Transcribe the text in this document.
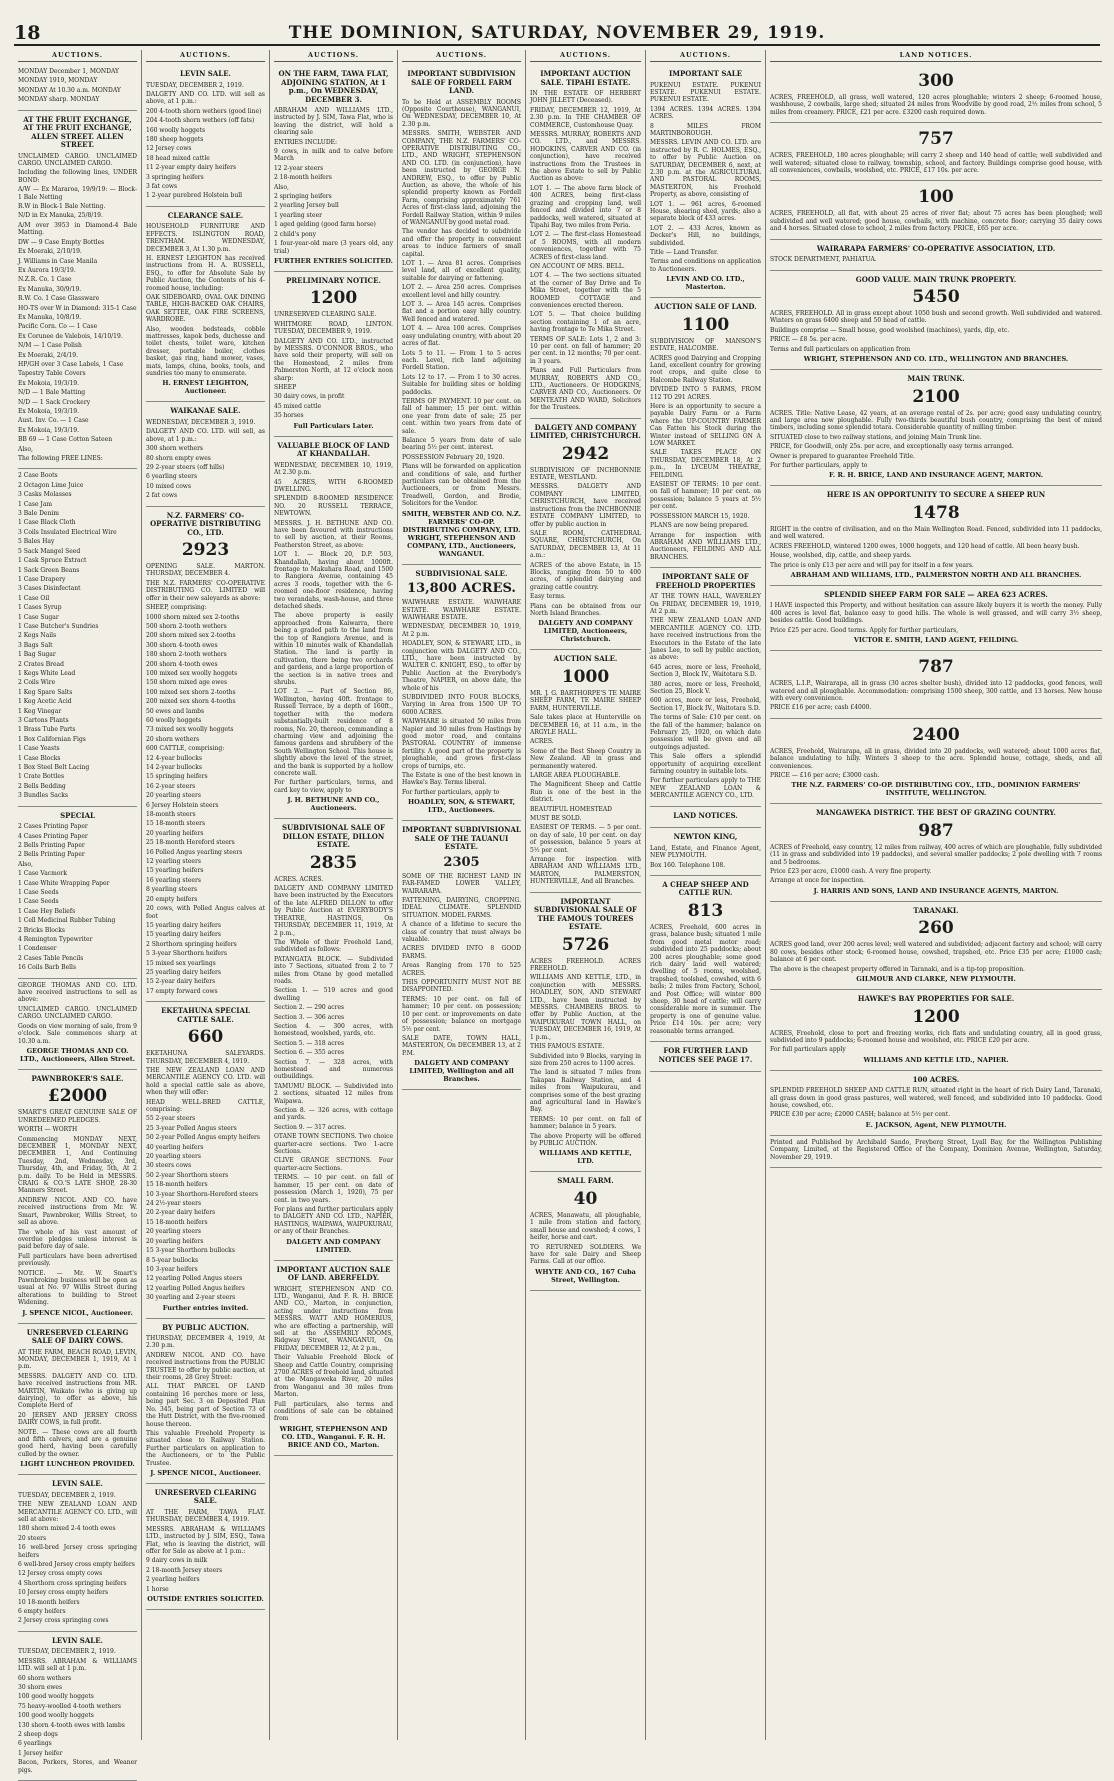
18	THE DOMINION, SATURDAY, NOVEMBER 29, 1919.
AUCTIONS.
MONDAY December 1, MONDAY
MONDAY 1919, MONDAY
MONDAY At 10.30 a.m. MONDAY
MONDAY sharp. MONDAY
AT THE FRUIT EXCHANGE, AT THE FRUIT EXCHANGE, ALLEN STREET. ALLEN STREET.
UNCLAIMED CARGO. UNCLAIMED CARGO. UNCLAIMED CARGO.
Including the following lines, UNDER BOND:
A/W — Ex Mararoa, 19/9/19: — Block-1 Bale Netting
R.W in Block-1 Bale Netting.
N/D in Ex Manuka, 25/8/19.
A/M over 3953 in Diamond-4 Bale Matting.
DW — 9 Case Empty Bottles
Ex Moeraki, 2/10/19.
J. Williams in Case Manila
Ex Aurora 19/3/19.
N.Z.R. Co. 1 Case
Ex Manuka, 30/9/19.
R.W. Co. 1 Case Glassware
HO-TS over W in Diamond: 315-1 Case
Ex Manuka, 10/8/19.
Pacific Corn. Co — 1 Case
Ex Corunee de Valebois, 14/10/19.
N/M — 1 Case Polish
Ex Moeraki, 2/4/19.
HP/GH over 3 Case Labels, 1 Case
Tapestry Table Covers
Ex Mokoia, 19/3/19.
N/D — 1 Bale Matting
N/D — 1 Sack Crockery
Ex Mokoia, 19/3/19.
Aust. Inv. Co. — 1 Case
Ex Mokoia, 19/3/19.
BB 69 — 1 Case Cotton Sateen
Also,
The following FREE LINES:
2 Case Boots
2 Octagon Lime Juice
3 Casks Molasses
1 Case Jam
3 Bale Denim
1 Case Black Cloth
3 Coils Insulated Electrical Wire
5 Bales Hay
5 Sack Mangel Seed
1 Cask Spruce Extract
1 Sack Green Beans
1 Case Drapery
3 Cases Disinfectant
1 Case Oil
1 Cases Syrup
1 Case Sugar
1 Case Butcher's Sundries
2 Kegs Nails
3 Bags Salt
1 Bag Sugar
2 Crates Bread
1 Kegs White Lead
2 Coils Wire
1 Keg Spare Salts
1 Keg Acetic Acid
1 Keg Vinegar
3 Cartons Plants
1 Brass Tube Parts
1 Box Californian Figs
1 Case Yeasts
1 Case Blocks
1 Box Steel Belt Lacing
1 Crate Bottles
2 Bells Bedding
3 Bundles Sacks
SPECIAL
2 Cases Printing Paper
4 Cases Printing Paper
2 Bells Printing Paper
2 Bells Printing Paper
Also,
1 Case Vacmork
1 Case White Wrapping Paper
1 Case Seeds
1 Case Seeds
1 Case Hey Beliefs
1 Cell Medicinal Rubber Tubing
2 Bricks Blocks
4 Remington Typewriter
1 Condenser
2 Cases Table Pencils
16 Coils Barb Bells
GEORGE THOMAS AND CO. LTD. have received instructions to sell as above:
UNCLAIMED CARGO. UNCLAIMED CARGO. UNCLAIMED CARGO.
Goods on view morning of sale, from 9 o'clock. Sale commences sharp at 10.30 a.m.
GEORGE THOMAS AND CO. LTD., Auctioneers, Allen Street.
PAWNBROKER'S SALE.
£2000
SMART'S GREAT GENUINE SALE OF UNREDEEMED PLEDGES.
WORTH — WORTH
Commencing MONDAY NEXT, DECEMBER 1, MONDAY NEXT, DECEMBER 1, And Continuing Tuesday, 2nd, Wednesday, 3rd, Thursday, 4th, and Friday, 5th, At 2 p.m. daily. To be Held in MESSRS. CRAIG & CO.'S LATE SHOP, 28-30 Manners Street.
ANDREW NICOL AND CO. have received instructions from Mr. W. Smart, Pawnbroker, Willis Street, to sell as above.
The whole of his vast amount of overdue pledges unless interest is paid before day of sale.
Full particulars have been advertised previously.
NOTICE. — Mr. W. Smart's Pawnbroking business will be open as usual at No. 97 Willis Street during alterations to building to Street Widening.
J. SPENCE NICOL, Auctioneer.
UNRESERVED CLEARING SALE OF DAIRY COWS.
AT THE FARM, BEACH ROAD, LEVIN, MONDAY, DECEMBER 1, 1919, At 1 p.m.
MESSRS. DALGETY AND CO. LTD. have received instructions from MR. MARTIN, Waikato (who is giving up dairying), to offer as above, his Complete Herd of
20 JERSEY AND JERSEY CROSS DAIRY COWS, in full profit.
NOTE. — These cows are all fourth and fifth calvers, and are a genuine good herd, having been carefully culled by the owner.
LIGHT LUNCHEON PROVIDED.
LEVIN SALE.
TUESDAY, DECEMBER 2, 1919.
THE NEW ZEALAND LOAN AND MERCANTILE AGENCY CO. LTD., will sell at above:
180 shorn mixed 2-4 tooth ewes
20 steers
16 well-bred Jersey cross springing heifers
6 well-bred Jersey cross empty heifers
12 Jersey cross empty cows
4 Shorthorn cross springing heifers
10 Jersey cross empty heifers
10 18-month heifers
6 empty heifers
2 Jersey cross springing cows
LEVIN SALE.
TUESDAY, DECEMBER 2, 1919.
MESSRS. ABRAHAM & WILLIAMS LTD. will sell at 1 p.m.
60 shorn wethers
30 shorn ewes
100 good woolly hoggets
75 heavy-woolled 4-tooth wethers
100 good woolly hoggets
130 shorn 4-tooth ewes with lambs
2 sheep dogs
6 yearlings
1 Jersey heifer
Bacon, Porkers, Stores, and Weaner pigs.
AUCTIONS.
LEVIN SALE.
TUESDAY, DECEMBER 2, 1919.
DALGETY AND CO. LTD. will sell as above, at 1 p.m.:
200 4-tooth shorn wethers (good line)
204 4-tooth shorn wethers (off fats)
160 woolly hoggets
180 sheep hoggets
12 Jersey cows
18 head mixed cattle
11 2-year empty dairy heifers
3 springing heifers
3 fat cows
1 2-year purebred Holstein bull
CLEARANCE SALE.
HOUSEHOLD FURNITURE AND EFFECTS. ISLINGTON ROAD, TRENTHAM. WEDNESDAY, DECEMBER 3, At 1.30 p.m.
H. ERNEST LEIGHTON has received instructions from H. A. RUSSELL, ESQ., to offer for Absolute Sale by Public Auction, the Contents of his 4-roomed house, including:
OAK SIDEBOARD, OVAL OAK DINING TABLE, HIGH-BACKED OAK CHAIRS, OAK SETTEE, OAK FIRE SCREENS, WARDROBE.
Also, wooden bedsteads, cobble mattresses, kapok beds, duchesse and toilet chests, toilet ware, kitchen dresser, portable boiler, clothes basket, gas ring, hand mower, vases, mats, lamps, china, books, tools, and sundries too many to enumerate.
H. ERNEST LEIGHTON, Auctioneer.
WAIKANAE SALE.
WEDNESDAY, DECEMBER 3, 1919.
DALGETY AND CO. LTD. will sell, as above, at 1 p.m.:
300 shorn wethers
80 shorn empty ewes
29 2-year steers (off hills)
6 yearling steers
10 mixed cows
2 fat cows
N.Z. FARMERS' CO-OPERATIVE DISTRIBUTING CO., LTD.
2923
OPENING SALE. MARTON. THURSDAY, DECEMBER 4.
THE N.Z. FARMERS' CO-OPERATIVE DISTRIBUTING CO. LIMITED will offer in their new saleyards as above:
SHEEP, comprising:
1000 shorn mixed sex 2-tooths
500 shorn 2-tooth wethers
200 shorn mixed sex 2-tooths
300 shorn 4-tooth ewes
180 shorn 2-tooth wethers
200 shorn 4-tooth ewes
100 mixed sex woolly hoggets
150 shorn mixed age ewes
100 mixed sex shorn 2-tooths
200 mixed sex shorn 4-tooths
50 ewes and lambs
60 woolly hoggets
73 mixed sex woolly hoggets
20 shorn wethers
600 CATTLE, comprising:
12 4-year bullocks
14 2-year bullocks
15 springing heifers
16 2-year steers
20 yearling steers
6 Jersey Holstein steers
18-month steers
15 18-month steers
20 yearling heifers
25 18-month Hereford steers
16 Polled Angus yearling steers
12 yearling steers
15 yearling heifers
16 yearling steers
8 yearling steers
20 empty heifers
20 cows, with Polled Angus calves at foot
15 yearling dairy heifers
15 yearling dairy heifers
2 Shorthorn springing heifers
5 3-year Shorthorn heifers
15 mixed sex yearlings
25 yearling dairy heifers
15 2-year dairy heifers
17 empty forward cows
EKETAHUNA SPECIAL CATTLE SALE.
660
EKETAHUNA SALEYARDS. THURSDAY, DECEMBER 4, 1919.
THE NEW ZEALAND LOAN AND MERCANTILE AGENCY CO. LTD. will hold a special cattle sale as above, when they will offer:
HEAD WELL-BRED CATTLE, comprising:
55 2-year steers
25 3-year Polled Angus steers
50 2-year Polled Angus empty heifers
40 yearling heifers
20 yearling steers
30 steers cows
50 2-year Shorthorn steers
15 18-month heifers
10 3-year Shorthorn-Hereford steers
24 2½-year steers
20 2-year dairy heifers
15 18-month heifers
20 yearling steers
20 yearling heifers
15 3-year Shorthorn bullocks
8 5-year bullocks
10 3-year heifers
12 yearling Polled Angus steers
12 yearling Polled Angus heifers
30 yearling and 2-year steers
Further entries invited.
BY PUBLIC AUCTION.
THURSDAY, DECEMBER 4, 1919, At 2.30 p.m.
ANDREW NICOL AND CO. have received instructions from the PUBLIC TRUSTEE to offer by public auction, at their rooms, 28 Grey Street:
ALL THAT PARCEL OF LAND containing 16 perches more or less, being part Sec. 3 on Deposited Plan No. 345, being part of Section 73 of the Hutt District, with the five-roomed house thereon.
This valuable Freehold Property is situated close to Railway Station. Further particulars on application to the Auctioneers, or to the Public Trustee.
J. SPENCE NICOL, Auctioneer.
UNRESERVED CLEARING SALE.
AT THE FARM, TAWA FLAT. THURSDAY, DECEMBER 4, 1919.
MESSRS. ABRAHAM & WILLIAMS LTD., instructed by J. SIM, ESQ., Tawa Flat, who is leaving the district, will offer for Sale as above at 1 p.m.:
9 dairy cows in milk
2 18-month Jersey steers
2 yearling heifers
1 horse
OUTSIDE ENTRIES SOLICITED.
AUCTIONS.
ON THE FARM, TAWA FLAT, ADJOINING STATION, At 1 p.m., On WEDNESDAY, DECEMBER 3.
ABRAHAM AND WILLIAMS LTD., instructed by J. SIM, Tawa Flat, who is leaving the district, will hold a clearing sale
ENTRIES INCLUDE:
9 cows, in milk and to calve before March
12 2-year steers
2 18-month heifers
Also,
2 springing heifers
2 yearling Jersey bull
1 yearling steer
1 aged gelding (good farm horse)
2 child's pony
1 four-year-old mare (3 years old, any trial)
FURTHER ENTRIES SOLICITED.
PRELIMINARY NOTICE.
1200
UNRESERVED CLEARING SALE.
WHITMORE ROAD, LINTON. TUESDAY, DECEMBER 9, 1919.
DALGETY AND CO. LTD., instructed by MESSRS. O'CONNOR BROS., who have sold their property, will sell on the Homestead, 2 miles from Palmerston North, at 12 o'clock noon sharp:
SHEEP
30 dairy cows, in profit
45 mixed cattle
35 horses
Full Particulars Later.
VALUABLE BLOCK OF LAND AT KHANDALLAH.
WEDNESDAY, DECEMBER 10, 1919, At 2.30 p.m.
45 ACRES, WITH 6-ROOMED DWELLING.
SPLENDID 8-ROOMED RESIDENCE NO. 20 RUSSELL TERRACE, NEWTOWN.
MESSRS. J. H. BETHUNE AND CO. have been favoured with instructions to sell by auction, at their Rooms, Featherston Street, as above:
LOT 1. — Block 20, D.P. 503, Khandallah, having about 1000ft. frontage to Makuhara Road, and 1500 to Rangiora Avenue, containing 45 acres 3 roods, together with the 6-roomed one-floor residence, having two verandahs, wash-house, and three detached sheds.
The above property is easily approached from Kaiwarra, there being a graded path to the land from the top of Rangiora Avenue, and is within 10 minutes walk of Khandallah Station. The land is partly in cultivation, there being two orchards and gardens, and a large proportion of the section is in native trees and shrubs.
LOT 2. — Part of Section 86, Wellington, having 40ft. frontage to Russell Terrace, by a depth of 160ft., together with the modern substantially-built residence of 8 rooms, No. 20, thereon, commanding a charming view and adjoining the famous gardens and shrubbery of the South Wellington School. This house is slightly above the level of the street, and the bank is supported by a hollow concrete wall.
For further particulars, terms, and card key to view, apply to
J. H. BETHUNE AND CO., Auctioneers.
SUBDIVISIONAL SALE OF DILLON ESTATE, DILLON ESTATE.
2835
ACRES. ACRES.
DALGETY AND COMPANY LIMITED have been instructed by the Executors of the late ALFRED DILLON to offer by Public Auction at EVERYBODY'S THEATRE, HASTINGS, On THURSDAY, DECEMBER 11, 1919, At 2 p.m.,
The Whole of their Freehold Land, subdivided as follows:
PATANGATA BLOCK. — Subdivided into 7 Sections, situated from 2 to 7 miles from Otane by good metalled roads.
Section 1. — 519 acres and good dwelling
Section 2. — 290 acres
Section 3. — 306 acres
Section 4. — 300 acres, with homestead, woolshed, yards, etc.
Section 5. — 318 acres
Section 6. — 355 acres
Section 7. — 328 acres, with homestead and numerous outbuildings.
TAMUMU BLOCK. — Subdivided into 2 sections, situated 12 miles from Waipawa.
Section 8. — 326 acres, with cottage and yards.
Section 9. — 317 acres.
OTANE TOWN SECTIONS. Two choice quarter-acre sections. Two 1-acre Sections.
CLIVE GRANGE SECTIONS. Four quarter-acre Sections.
TERMS. — 10 per cent. on fall of hammer, 15 per cent. on date of possession (March 1, 1920), 75 per cent. in two years.
For plans and further particulars apply to DALGETY AND CO. LTD., NAPIER, HASTINGS, WAIPAWA, WAIPUKURAU, or any of their Branches.
DALGETY AND COMPANY LIMITED.
IMPORTANT AUCTION SALE OF LAND. ABERFELDY.
WRIGHT, STEPHENSON AND CO. LTD., Wanganui, And F. R. H. BRICE AND CO., Marton, in conjunction, acting under instructions from MESSRS. WATT AND HOMERIUS, who are effecting a partnership, will sell at the ASSEMBLY ROOMS, Ridgway Street, WANGANUI, On FRIDAY, DECEMBER 12, At 2 p.m.,
Their Valuable Freehold Block of Sheep and Cattle Country, comprising 2700 ACRES of freehold land, situated at the Mangaweka River, 20 miles from Wanganui and 30 miles from Marton.
Full particulars, also terms and conditions of sale can be obtained from
WRIGHT, STEPHENSON AND CO. LTD., Wanganui. F. R. H. BRICE AND CO., Marton.
AUCTIONS.
IMPORTANT SUBDIVISION SALE OF FORDELL FARM LAND.
To be Held at ASSEMBLY ROOMS (Opposite Courthouse), WANGANUI, On WEDNESDAY, DECEMBER 10, At 2.30 p.m.
MESSRS. SMITH, WEBSTER AND COMPANY, THE N.Z. FARMERS' CO-OPERATIVE DISTRIBUTING CO., LTD., AND WRIGHT, STEPHENSON AND CO. LTD. (in conjunction), have been instructed by GEORGE N. ANDREW, ESQ., to offer by Public Auction, as above, the whole of his splendid property known as Fordell Farm, comprising approximately 761 Acres of first-class land, adjoining the Fordell Railway Station, within 9 miles of WANGANUI by good metal road.
The vendor has decided to subdivide and offer the property in convenient areas to induce farmers of small capital.
LOT 1. — Area 81 acres. Comprises level land, all of excellent quality, suitable for dairying or fattening.
LOT 2. — Area 250 acres. Comprises excellent level and hilly country.
LOT 3. — Area 145 acres. Comprises flat and a portion easy hilly country. Well fenced and watered.
LOT 4. — Area 100 acres. Comprises easy undulating country, with about 20 acres of flat.
Lots 5 to 11. — From 1 to 5 acres each. Level, rich land adjoining Fordell Station.
Lots 12 to 17. — From 1 to 30 acres. Suitable for building sites or holding paddocks.
TERMS OF PAYMENT. 10 per cent. on fall of hammer; 15 per cent. within one year from date of sale; 25 per cent. within two years from date of sale.
Balance 5 years from date of sale bearing 5½ per cent. interest.
POSSESSION February 20, 1920.
Plans will be forwarded on application and conditions of sale, and further particulars can be obtained from the Auctioneers, or from Messrs. Treadwell, Gordon, and Brodie, Solicitors for the Vendor.
SMITH, WEBSTER AND CO. N.Z. FARMERS' CO-OP. DISTRIBUTING COMPANY, LTD. WRIGHT, STEPHENSON AND COMPANY, LTD., Auctioneers, WANGANUI.
SUBDIVISIONAL SALE.
13,800 ACRES.
WAIWHARE ESTATE. WAIWHARE ESTATE. WAIWHARE ESTATE. WAIWHARE ESTATE.
WEDNESDAY, DECEMBER 10, 1919, At 2 p.m.
HOADLEY, SON, & STEWART, LTD., in conjunction with DALGETY AND CO., LTD., have been instructed by WALTER C. KNIGHT, ESQ., to offer by Public Auction at the Everybody's Theatre, NAPIER, on above date, the whole of his
SUBDIVIDED INTO FOUR BLOCKS, Varying in Area from 1500 UP TO 6000 ACRES.
WAIWHARE is situated 50 miles from Napier and 30 miles from Hastings by good motor road, and contains PASTORAL COUNTRY of immense fertility. A good part of the property is ploughable, and grows first-class crops of turnips, etc.
The Estate is one of the best known in Hawke's Bay. Terms liberal.
For further particulars, apply to
HOADLEY, SON, & STEWART, LTD., Auctioneers.
IMPORTANT SUBDIVISIONAL SALE OF THE TAUANUI ESTATE.
2305
SOME OF THE RICHEST LAND IN FAR-FAMED LOWER VALLEY, WAIRARAPA.
FATTENING, DAIRYING, CROPPING. IDEAL CLIMATE. SPLENDID SITUATION. MODEL FARMS.
A chance of a lifetime to secure the class of country that must always be valuable.
ACRES DIVIDED INTO 8 GOOD FARMS.
Areas Ranging from 170 to 525 ACRES.
THIS OPPORTUNITY MUST NOT BE DISAPPOINTED.
TERMS: 10 per cent. on fall of hammer; 10 per cent. on possession; 10 per cent. or improvements on date of possession; balance on mortgage 5½ per cent.
SALE DATE, TOWN HALL, MASTERTON, On DECEMBER 13, at 2 P.M.
DALGETY AND COMPANY LIMITED, Wellington and all Branches.
AUCTIONS.
IMPORTANT AUCTION SALE. TIPAHI ESTATE.
IN THE ESTATE OF HERBERT JOHN JILLETT (Deceased).
FRIDAY, DECEMBER 12, 1919, At 2.30 p.m. In THE CHAMBER OF COMMERCE, Customhouse Quay.
MESSRS. MURRAY, ROBERTS AND CO. LTD., and MESSRS. HODGKINS, CARVER AND CO. (in conjunction), have received instructions from the Trustees in the above Estate to sell by Public Auction as above:
LOT 1. — The above farm block of 400 ACRES, being first-class grazing and cropping land, well fenced and divided into 7 or 8 paddocks, well watered, situated at Tipahi Bay, two miles from Peria.
LOT 2. — The first-class Homestead of 5 ROOMS, with all modern conveniences, together with 75 ACRES of first-class land.
ON ACCOUNT OF MRS. BELL.
LOT 4. — The two sections situated at the corner of Bay Drive and Te Mika Street, together with the 5 ROOMED COTTAGE and conveniences erected thereon.
LOT 5. — That choice building section containing 1 of an acre, having frontage to Te Mika Street.
TERMS OF SALE: Lots 1, 2 and 3: 10 per cent. on fall of hammer; 20 per cent. in 12 months; 70 per cent. in 3 years.
Plans and Full Particulars from MURRAY, ROBERTS AND CO., LTD., Auctioneers. Or HODGKINS, CARVER AND CO., Auctioneers. Or MENTEATH AND WARD, Solicitors for the Trustees.
DALGETY AND COMPANY LIMITED, CHRISTCHURCH.
2942
SUBDIVISION OF INCHBONNIE ESTATE, WESTLAND.
MESSRS. DALGETY AND COMPANY LIMITED, CHRISTCHURCH, have received instructions from the INCHBONNIE ESTATE COMPANY LIMITED, to offer by public auction in
SALE ROOM, CATHEDRAL SQUARE, CHRISTCHURCH, On SATURDAY, DECEMBER 13, At 11 a.m.:
ACRES of the above Estate, in 15 Blocks, ranging from 50 to 400 acres, of splendid dairying and grazing cattle country.
Easy terms.
Plans can be obtained from our North Island Branches.
DALGETY AND COMPANY LIMITED, Auctioneers, Christchurch.
AUCTION SALE.
1000
MR. J. G. BARTHORPE'S TE MAIRE SHEEP FARM, TE MAIRE SHEEP FARM, HUNTERVILLE.
Sale takes place at Hunterville on DECEMBER 16, at 11 a.m., in the ARGYLE HALL.
ACRES.
Some of the Best Sheep Country in New Zealand. All in grass and permanently watered.
LARGE AREA PLOUGHABLE.
The Magnificent Sheep and Cattle Run is one of the best in the district.
BEAUTIFUL HOMESTEAD
MUST BE SOLD.
EASIEST OF TERMS. — 5 per cent. on day of sale, 10 per cent. on day of possession, balance 5 years at 5½ per cent.
Arrange for inspection with ABRAHAM AND WILLIAMS LTD., MARTON, PALMERSTON, HUNTERVILLE, And all Branches.
IMPORTANT SUBDIVISIONAL SALE OF THE FAMOUS TOUREES ESTATE.
5726
ACRES FREEHOLD. ACRES FREEHOLD.
WILLIAMS AND KETTLE, LTD., in conjunction with MESSRS. HOADLEY, SON, AND STEWART LTD., have been instructed by MESSRS. CHAMBERS BROS. to offer by Public Auction, at the WAIPUKURAU TOWN HALL, on TUESDAY, DECEMBER 16, 1919, At 1 p.m.,
THIS FAMOUS ESTATE.
Subdivided into 9 Blocks, varying in size from 250 acres to 1100 acres.
The land is situated 7 miles from Takapau Railway Station, and 4 miles from Waipukurau, and comprises some of the best grazing and agricultural land in Hawke's Bay.
TERMS: 10 per cent. on fall of hammer; balance in 5 years.
The above Property will be offered by PUBLIC AUCTION.
WILLIAMS AND KETTLE, LTD.
SMALL FARM.
40
ACRES, Manawatu, all ploughable, 1 mile from station and factory, small house and cowshed; 4 cows, 1 heifer, horse and cart.
TO RETURNED SOLDIERS. We have for sale Dairy and Sheep Farms. Call at our office.
WHYTE AND CO., 167 Cuba Street, Wellington.
AUCTIONS.
IMPORTANT SALE
PUKENUI ESTATE. PUKENUI ESTATE. PUKENUI ESTATE. PUKENUI ESTATE.
1394 ACRES. 1394 ACRES. 1394 ACRES.
8 MILES FROM MARTINBOROUGH.
MESSRS. LEVIN AND CO. LTD. are instructed by R. C. HOLMES, ESQ., to offer by Public Auction on SATURDAY, DECEMBER 6, next, at 2.30 p.m. at the AGRICULTURAL AND PASTORAL ROOMS, MASTERTON, his Freehold Property, as above, consisting of
LOT 1. — 961 acres, 6-roomed House, shearing shed, yards; also a separate block of 433 acres.
LOT 2. — 433 Acres, known as Decker's Hill, no buildings, subdivided.
Title — Land Transfer.
Terms and conditions on application to Auctioneers.
LEVIN AND CO. LTD., Masterton.
AUCTION SALE OF LAND.
1100
SUBDIVISION OF MANSON'S ESTATE, HALCOMBE.
ACRES good Dairying and Cropping Land, excellent country for growing root crops, and quite close to Halcombe Railway Station.
DIVIDED INTO 5 FARMS, FROM 112 TO 291 ACRES.
Here is an opportunity to secure a payable Dairy Farm or a Farm where the UP-COUNTRY FARMER Can Fatten his Stock during the Winter instead of SELLING ON A LOW MARKET.
SALE TAKES PLACE ON THURSDAY, DECEMBER 18, At 2 p.m., In LYCEUM THEATRE, FEILDING.
EASIEST OF TERMS: 10 per cent. on fall of hammer; 10 per cent. on possession; balance 5 years at 5½ per cent.
POSSESSION MARCH 15, 1920.
PLANS are now being prepared.
Arrange for inspection with ABRAHAM AND WILLIAMS LTD., Auctioneers, FEILDING AND ALL BRANCHES.
IMPORTANT SALE OF FREEHOLD PROPERTIES
AT THE TOWN HALL, WAVERLEY On FRIDAY, DECEMBER 19, 1919, At 2 p.m.
THE NEW ZEALAND LOAN AND MERCANTILE AGENCY CO. LTD. have received instructions from the Executors in the Estate of the late Janes Lee, to sell by public auction, as above:
645 acres, more or less, Freehold, Section 3, Block IV., Waitotara S.D.
380 acres, more or less, Freehold, Section 25, Block V.
600 acres, more or less, Freehold, Section 17, Block IV., Waitotara S.D.
The terms of Sale: £10 per cent. on the fall of the hammer; balance on February 25, 1920, on which date possession will be given and all outgoings adjusted.
This Sale offers a splendid opportunity of acquiring excellent farming country in suitable lots.
For further particulars apply to THE NEW ZEALAND LOAN & MERCANTILE AGENCY CO., LTD.
LAND NOTICES.
NEWTON KING,
Land, Estate, and Finance Agent, NEW PLYMOUTH.
Box 160. Telephone 108.
A CHEAP SHEEP AND CATTLE RUN.
813
ACRES, Freehold, 600 acres in grass, balance bush; situated 1 mile from good metal motor road; subdivided into 25 paddocks; about 200 acres ploughable; some good rich dairy land well watered; dwelling of 5 rooms, woolshed, trapshed, toolshed, cowshed, with 6 bails; 2 miles from Factory, School, and Post Office; will winter 800 sheep, 30 head of cattle; will carry considerable more in summer. The property is one of genuine value. Price £14 10s. per acre; very reasonable terms arranged.
FOR FURTHER LAND NOTICES SEE PAGE 17.
LAND NOTICES.
300
ACRES, FREEHOLD, all grass, well watered, 120 acres ploughable; winters 2 sheep; 6-roomed house, washhouse, 2 cowbails, large shed; situated 24 miles from Woodville by good road, 2½ miles from school, 5 miles from creamery. PRICE, £21 per acre. £3200 cash required down.
757
ACRES, FREEHOLD, 180 acres ploughable; will carry 2 sheep and 140 head of cattle; well subdivided and well watered; situated close to railway, township, school, and factory. Buildings comprise good house, with all conveniences, cowbails, woolshed, etc. PRICE, £17 10s. per acre.
100
ACRES, FREEHOLD, all flat, with about 25 acres of river flat; about 75 acres has been ploughed; well subdivided and well watered; good house, cowbails, with machine, concrete floor; carrying 35 dairy cows and 4 horses. Situated close to school, 2 miles from factory. PRICE, £65 per acre.
WAIRARAPA FARMERS' CO-OPERATIVE ASSOCIATION, LTD.
STOCK DEPARTMENT, PAHIATUA.
GOOD VALUE. MAIN TRUNK PROPERTY.
5450
ACRES, FREEHOLD. All in grass except about 1050 bush and second growth. Well subdivided and watered. Winters on grass 6400 sheep and 50 head of cattle.
Buildings comprise — Small house, good woolshed (machines), yards, dip, etc.
PRICE — £8 5s. per acre.
Terms and full particulars on application from
WRIGHT, STEPHENSON AND CO. LTD., WELLINGTON AND BRANCHES.
MAIN TRUNK.
2100
ACRES. Title: Native Lease, 42 years, at an average rental of 2s. per acre; good easy undulating country, and large area now ploughable. Fully two-thirds beautiful bush country, comprising the best of mixed timbers, including some splendid totara. Considerable quantity of milling timber.
SITUATED close to two railway stations, and joining Main Trunk line.
PRICE, for Goodwill, only 25s. per acre, and exceptionally easy terms arranged.
Owner is prepared to guarantee Freehold Title.
For further particulars, apply to
F. R. H. BRICE, LAND AND INSURANCE AGENT, MARTON.
HERE IS AN OPPORTUNITY TO SECURE A SHEEP RUN
1478
RIGHT in the centre of civilisation, and on the Main Wellington Road. Fenced, subdivided into 11 paddocks, and well watered.
ACRES FREEHOLD, wintered 1200 ewes, 1000 hoggets, and 120 head of cattle. All been heavy bush.
House, woolshed, dip, cattle, and sheep yards.
The price is only £13 per acre and will pay for itself in a few years.
ABRAHAM AND WILLIAMS, LTD., PALMERSTON NORTH AND ALL BRANCHES.
SPLENDID SHEEP FARM FOR SALE — AREA 623 ACRES.
I HAVE inspected this Property, and without hesitation can assure likely buyers it is worth the money. Fully 400 acres is level flat, balance easy to good hills. The whole is well grassed, and will carry 3½ sheep, besides cattle. Good buildings.
Price £25 per acre. Good terms. Apply for further particulars,
VICTOR E. SMITH, LAND AGENT, FEILDING.
787
ACRES, L.I.P., Wairarapa, all in grass (30 acres shelter bush), divided into 12 paddocks, good fences, well watered and all ploughable. Accommodation: comprising 1500 sheep, 300 cattle, and 13 horses. New house with every convenience.
PRICE £16 per acre; cash £4000.
2400
ACRES, Freehold, Wairarapa, all in grass, divided into 20 paddocks, well watered; about 1000 acres flat, balance undulating to hilly. Winters 3 sheep to the acre. Splendid house, cottage, sheds, and all conveniences.
PRICE — £16 per acre; £3000 cash.
THE N.Z. FARMERS' CO-OP. DISTRIBUTING COY., LTD., DOMINION FARMERS' INSTITUTE, WELLINGTON.
MANGAWEKA DISTRICT. THE BEST OF GRAZING COUNTRY.
987
ACRES of Freehold, easy country, 12 miles from railway, 400 acres of which are ploughable, fully subdivided (11 in grass and subdivided into 19 paddocks), and several smaller paddocks; 2 pole dwelling with 7 rooms and 5 bedrooms.
Price £23 per acre, £1000 cash. A very fine property.
Arrange at once for inspection.
J. HARRIS AND SONS, LAND AND INSURANCE AGENTS, MARTON.
TARANAKI.
260
ACRES good land, over 200 acres level; well watered and subdivided; adjacent factory and school; will carry 80 cows, besides other stock; 6-roomed house, cowshed, trapshed, etc. Price £35 per acre; £1000 cash; balance at 6 per cent.
The above is the cheapest property offered in Taranaki, and is a tip-top proposition.
GILMOUR AND CLARKE, NEW PLYMOUTH.
HAWKE'S BAY PROPERTIES FOR SALE.
1200
ACRES, Freehold, close to port and freezing works, rich flats and undulating country, all in good grass, subdivided into 9 paddocks; 6-roomed house and woolshed, etc. PRICE £20 per acre.
For full particulars apply
WILLIAMS AND KETTLE LTD., NAPIER.
100 ACRES.
SPLENDID FREEHOLD SHEEP AND CATTLE RUN, situated right in the heart of rich Dairy Land, Taranaki, all grass down in good grass pastures, well watered, well fenced, and subdivided into 10 paddocks. Good house, cowshed, etc.
PRICE £30 per acre; £2000 CASH; balance at 5½ per cent.
E. JACKSON, Agent, NEW PLYMOUTH.
Printed and Published by Archibald Sando, Freyberg Street, Lyall Bay, for the Wellington Publishing Company, Limited, at the Registered Office of the Company, Dominion Avenue, Wellington, Saturday, November 29, 1919.
